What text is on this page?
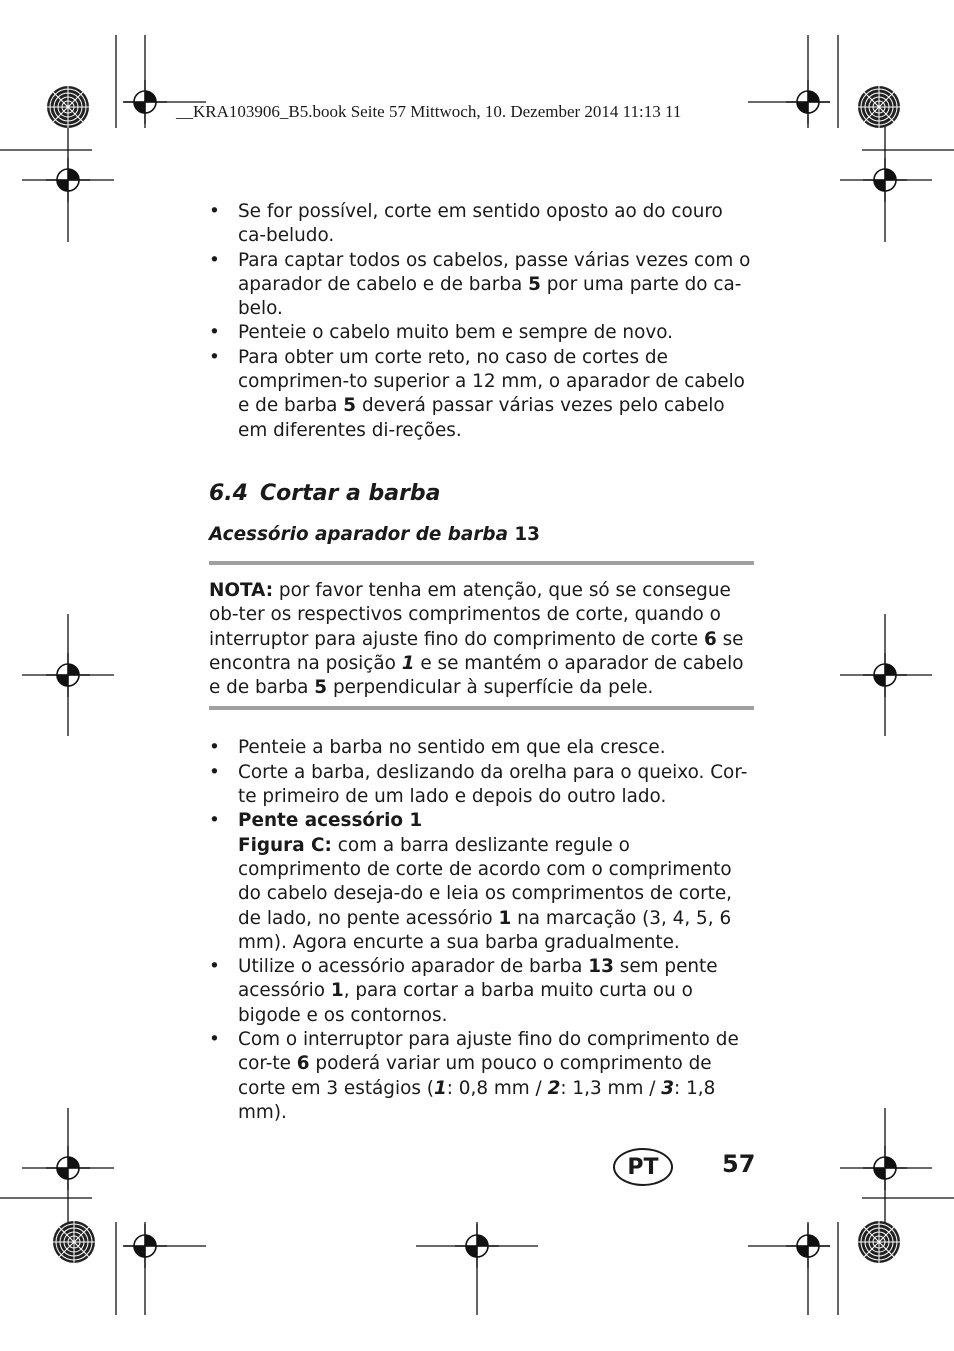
__KRA103906_B5.book Seite 57 Mittwoch, 10. Dezember 2014 11:13 11
• Se for possível, corte em sentido oposto ao do couro ca-beludo.
• Para captar todos os cabelos, passe várias vezes com o aparador de cabelo e de barba 5 por uma parte do ca-belo.
• Penteie o cabelo muito bem e sempre de novo.
• Para obter um corte reto, no caso de cortes de comprimen-to superior a 12 mm, o aparador de cabelo e de barba 5 deverá passar várias vezes pelo cabelo em diferentes di-reções.
6.4 Cortar a barba
Acessório aparador de barba 13
NOTA: por favor tenha em atenção, que só se consegue ob-ter os respectivos comprimentos de corte, quando o interruptor para ajuste fino do comprimento de corte 6 se encontra na posição 1 e se mantém o aparador de cabelo e de barba 5 perpendicular à superfície da pele.
• Penteie a barba no sentido em que ela cresce.
• Corte a barba, deslizando da orelha para o queixo. Cor-te primeiro de um lado e depois do outro lado.
• Pente acessório 1
Figura C: com a barra deslizante regule o comprimento de corte de acordo com o comprimento do cabelo deseja-do e leia os comprimentos de corte, de lado, no pente acessório 1 na marcação (3, 4, 5, 6 mm). Agora encurte a sua barba gradualmente.
• Utilize o acessório aparador de barba 13 sem pente acessório 1, para cortar a barba muito curta ou o bigode e os contornos.
• Com o interruptor para ajuste fino do comprimento de cor-te 6 poderá variar um pouco o comprimento de corte em 3 estágios (1: 0,8 mm / 2: 1,3 mm / 3: 1,8 mm).
PT	57
